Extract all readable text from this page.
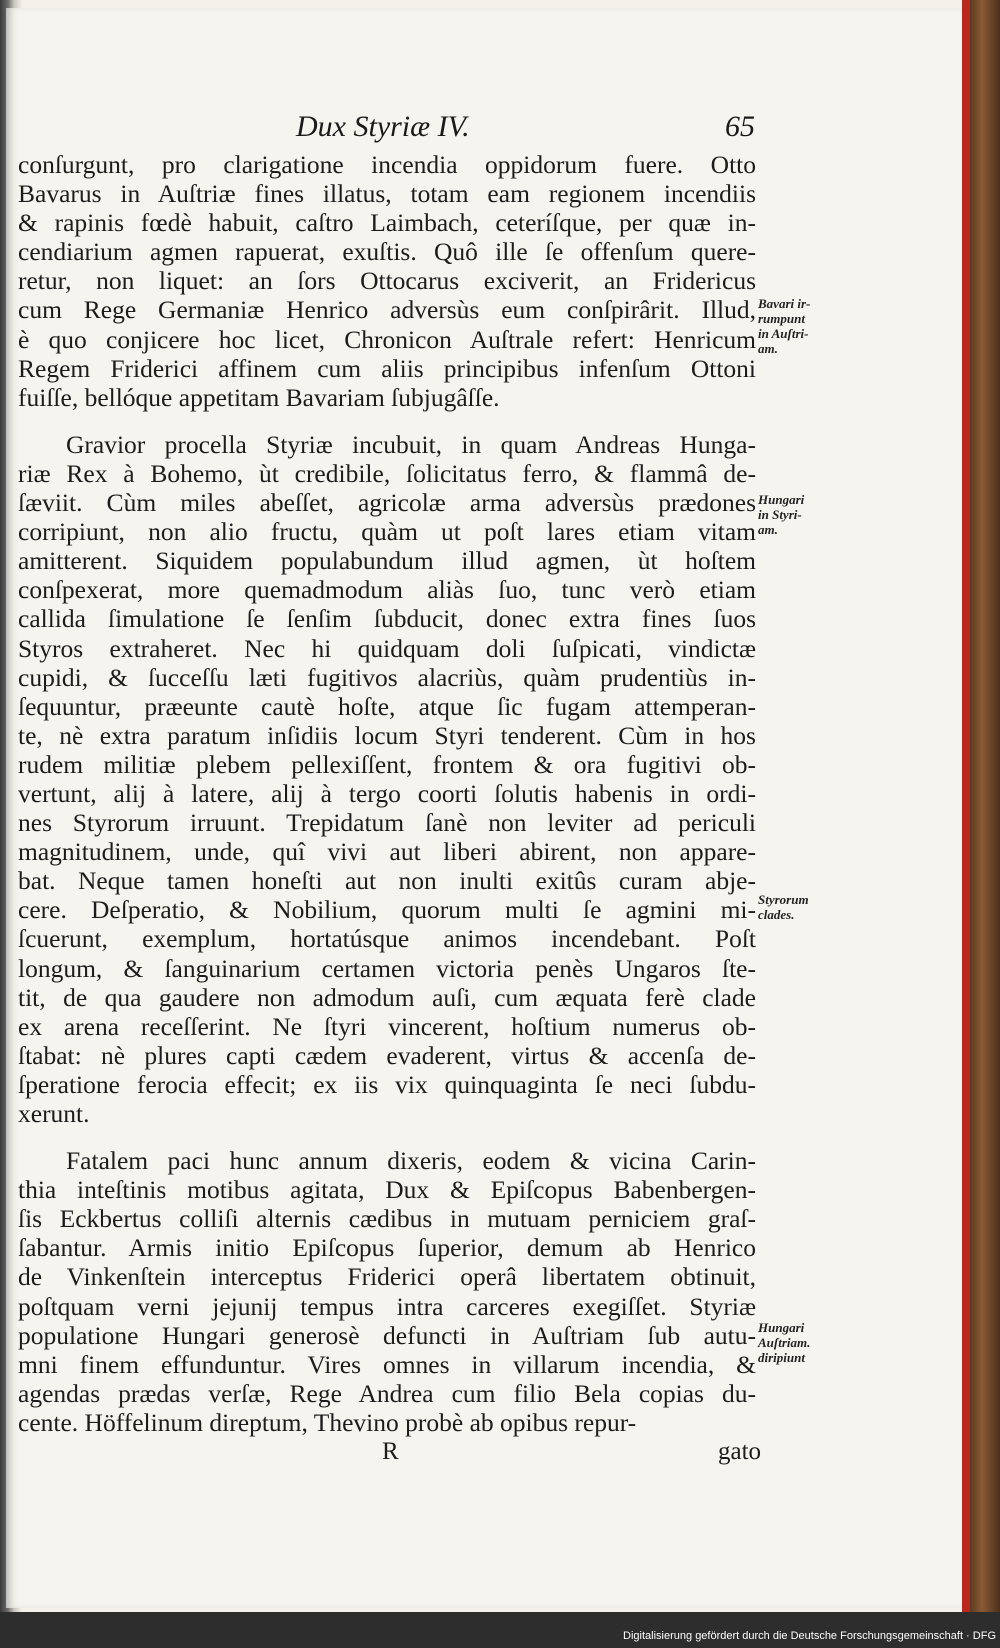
Dux Styriæ IV.	65
conſurgunt, pro clarigatione incendia oppidorum fuere. Otto
Bavarus in Auſtriæ fines illatus, totam eam regionem incendiis
& rapinis fœdè habuit, caſtro Laimbach, ceteríſque, per quæ in-
cendiarium agmen rapuerat, exuſtis. Quô ille ſe offenſum quere-
retur, non liquet: an ſors Ottocarus exciverit, an Fridericus
cum Rege Germaniæ Henrico adversùs eum conſpirârit. Illud,
è quo conjicere hoc licet, Chronicon Auſtrale refert: Henricum
Regem Friderici affinem cum aliis principibus infenſum Ottoni
fuiſſe, bellóque appetitam Bavariam ſubjugâſſe.
Gravior procella Styriæ incubuit, in quam Andreas Hunga-
riæ Rex à Bohemo, ùt credibile, ſolicitatus ferro, & flammâ de-
ſæviit. Cùm miles abeſſet, agricolæ arma adversùs prædones
corripiunt, non alio fructu, quàm ut poſt lares etiam vitam
amitterent. Siquidem populabundum illud agmen, ùt hoſtem
conſpexerat, more quemadmodum aliàs ſuo, tunc verò etiam
callida ſimulatione ſe ſenſim ſubducit, donec extra fines ſuos
Styros extraheret. Nec hi quidquam doli ſuſpicati, vindictæ
cupidi, & ſucceſſu læti fugitivos alacriùs, quàm prudentiùs in-
ſequuntur, præeunte cautè hoſte, atque ſic fugam attemperan-
te, nè extra paratum inſidiis locum Styri tenderent. Cùm in hos
rudem militiæ plebem pellexiſſent, frontem & ora fugitivi ob-
vertunt, alij à latere, alij à tergo coorti ſolutis habenis in ordi-
nes Styrorum irruunt. Trepidatum ſanè non leviter ad periculi
magnitudinem, unde, quî vivi aut liberi abirent, non appare-
bat. Neque tamen honeſti aut non inulti exitûs curam abje-
cere. Deſperatio, & Nobilium, quorum multi ſe agmini mi-
ſcuerunt, exemplum, hortatúsque animos incendebant. Poſt
longum, & ſanguinarium certamen victoria penès Ungaros ſte-
tit, de qua gaudere non admodum auſi, cum æquata ferè clade
ex arena receſſerint. Ne ſtyri vincerent, hoſtium numerus ob-
ſtabat: nè plures capti cædem evaderent, virtus & accenſa de-
ſperatione ferocia effecit; ex iis vix quinquaginta ſe neci ſubdu-
xerunt.
Fatalem paci hunc annum dixeris, eodem & vicina Carin-
thia inteſtinis motibus agitata, Dux & Epiſcopus Babenbergen-
ſis Eckbertus colliſi alternis cædibus in mutuam perniciem graſ-
ſabantur. Armis initio Epiſcopus ſuperior, demum ab Henrico
de Vinkenſtein interceptus Friderici operâ libertatem obtinuit,
poſtquam verni jejunij tempus intra carceres exegiſſet. Styriæ
populatione Hungari generosè defuncti in Auſtriam ſub autu-
mni finem effunduntur. Vires omnes in villarum incendia, &
agendas prædas verſæ, Rege Andrea cum filio Bela copias du-
cente. Höffelinum direptum, Thevino probè ab opibus repur-
Bavari ir-
rumpunt
in Auſtri-
am.
Hungari
in Styri-
am.
Styrorum
clades.
Hungari
Auſtriam.
diripiunt
R	gato
Digitalisierung gefördert durch die Deutsche Forschungsgemeinschaft · DFG
